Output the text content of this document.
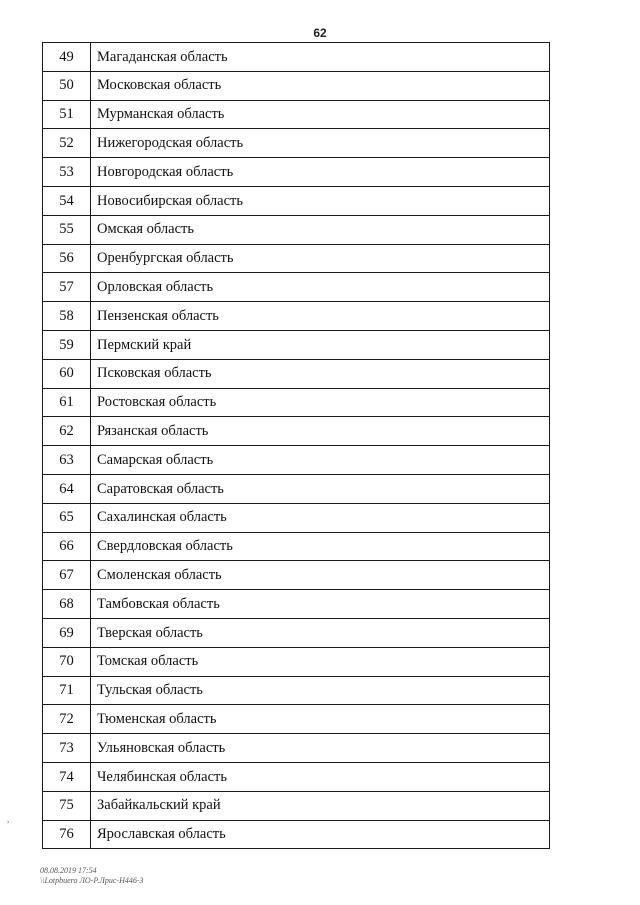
62
49	Магаданская область
50	Московская область
51	Мурманская область
52	Нижегородская область
53	Новгородская область
54	Новосибирская область
55	Омская область
56	Оренбургская область
57	Орловская область
58	Пензенская область
59	Пермский край
60	Псковская область
61	Ростовская область
62	Рязанская область
63	Самарская область
64	Саратовская область
65	Сахалинская область
66	Свердловская область
67	Смоленская область
68	Тамбовская область
69	Тверская область
70	Томская область
71	Тульская область
72	Тюменская область
73	Ульяновская область
74	Челябинская область
75	Забайкальский край
76	Ярославская область
,
08.08.2019 17:54
\\Lotpbuero ЛО-Р.Лрис-Н446-3
